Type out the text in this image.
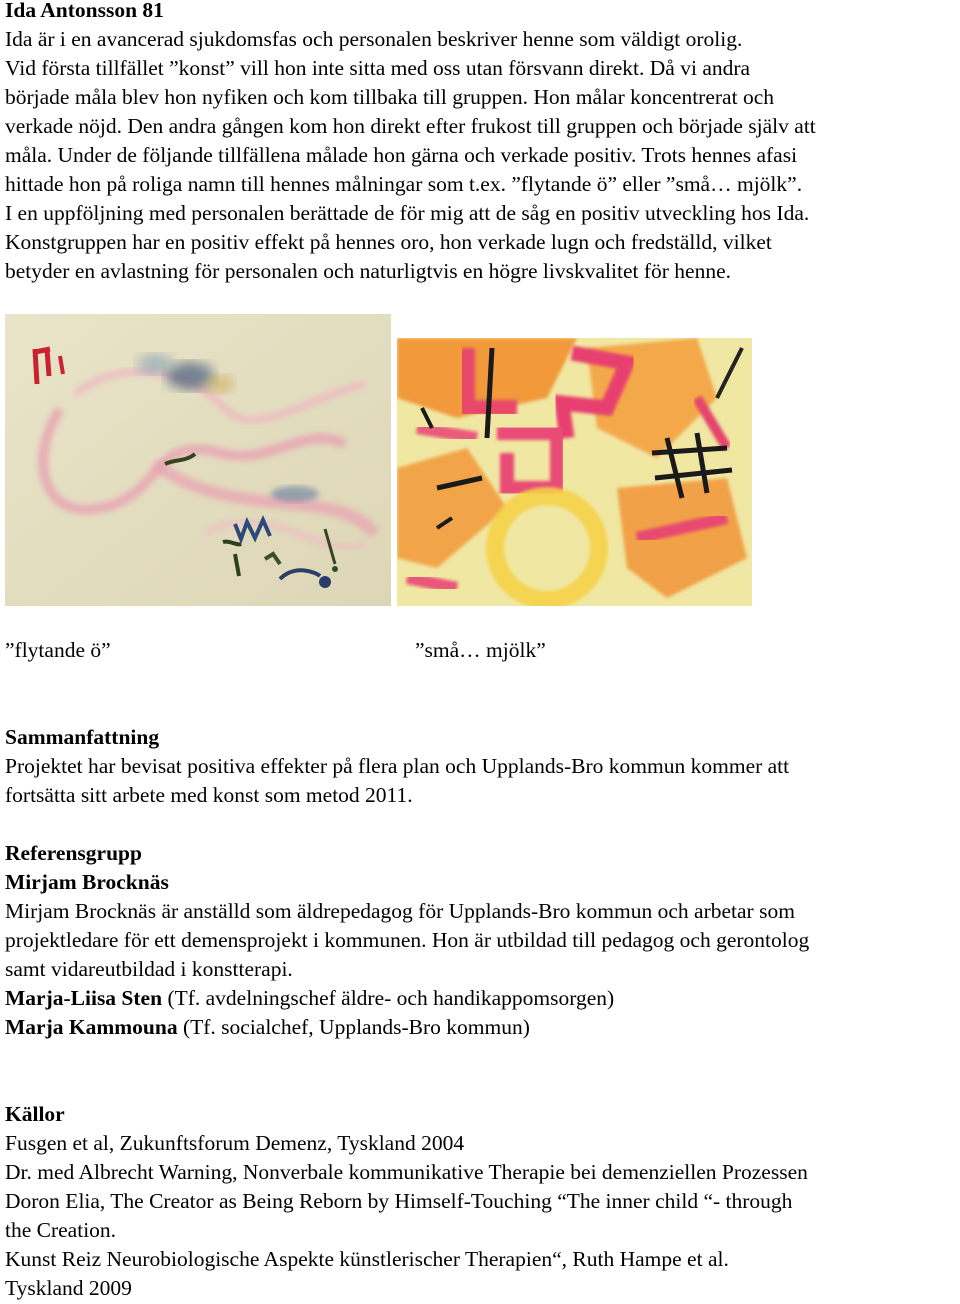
Ida Antonsson 81
Ida är i en avancerad sjukdomsfas och personalen beskriver henne som väldigt orolig.
Vid första tillfället ”konst” vill hon inte sitta med oss utan försvann direkt. Då vi andra
började måla blev hon nyfiken och kom tillbaka till gruppen. Hon målar koncentrerat och
verkade nöjd. Den andra gången kom hon direkt efter frukost till gruppen och började själv att
måla. Under de följande tillfällena målade hon gärna och verkade positiv. Trots hennes afasi
hittade hon på roliga namn till hennes målningar som t.ex. ”flytande ö” eller ”små… mjölk”.
I en uppföljning med personalen berättade de för mig att de såg en positiv utveckling hos Ida.
Konstgruppen har en positiv effekt på hennes oro, hon verkade lugn och fredställd, vilket
betyder en avlastning för personalen och naturligtvis en högre livskvalitet för henne.
”flytande ö”	”små… mjölk”
Sammanfattning
Projektet har bevisat positiva effekter på flera plan och Upplands-Bro kommun kommer att
fortsätta sitt arbete med konst som metod 2011.
Referensgrupp
Mirjam Brocknäs
Mirjam Brocknäs är anställd som äldrepedagog för Upplands-Bro kommun och arbetar som
projektledare för ett demensprojekt i kommunen. Hon är utbildad till pedagog och gerontolog
samt vidareutbildad i konstterapi.
Marja-Liisa Sten (Tf. avdelningschef äldre- och handikappomsorgen)
Marja Kammouna (Tf. socialchef, Upplands-Bro kommun)
Källor
Fusgen et al, Zukunftsforum Demenz, Tyskland 2004
Dr. med Albrecht Warning, Nonverbale kommunikative Therapie bei demenziellen Prozessen
Doron Elia, The Creator as Being Reborn by Himself-Touching “The inner child “- through
the Creation.
Kunst Reiz Neurobiologische Aspekte künstlerischer Therapien“, Ruth Hampe et al.
Tyskland 2009
